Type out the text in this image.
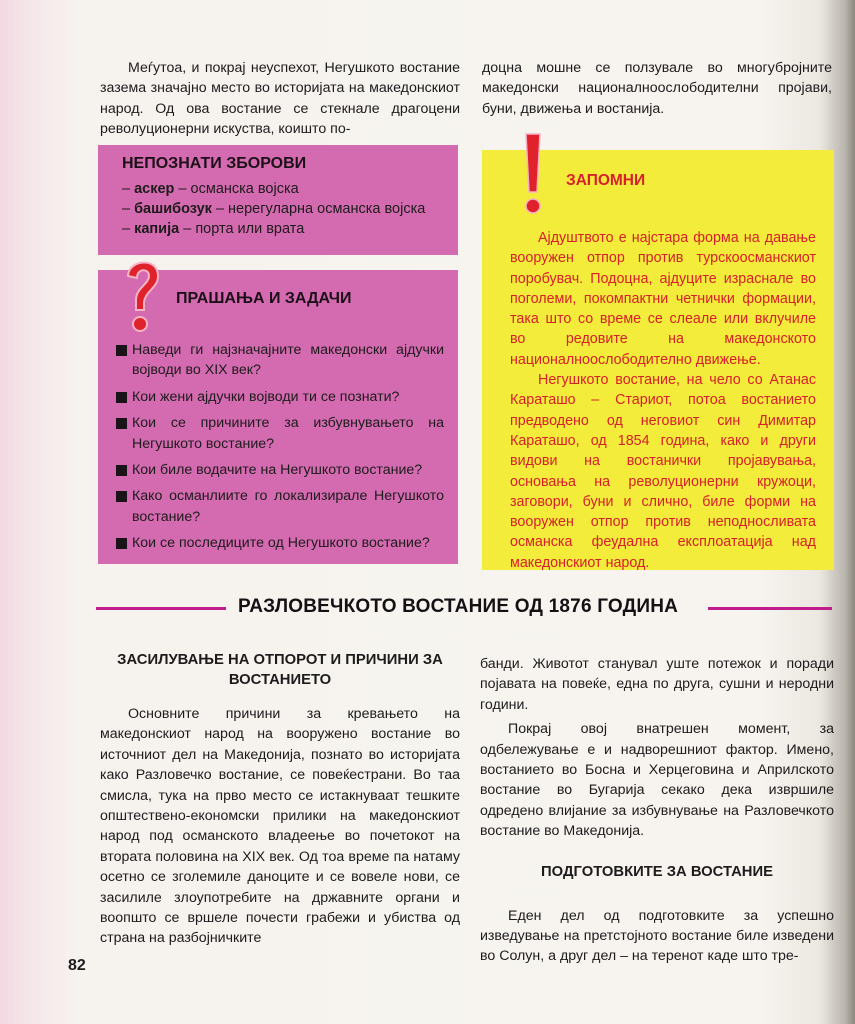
Меѓутоа, и покрај неуспехот, Негушкото востание зазема значајно место во историјата на македонскиот народ. Од ова востание се стекнале драгоцени револуционерни искуства, коишто по-

доцна мошне се ползувале во многубројните македонски националноослободителни пројави, буни, движења и востанија.

НЕПОЗНАТИ ЗБОРОВИ
– аскер – османска војска
– башибозук – нерегуларна османска војска
– капија – порта или врата
ПРАШАЊА И ЗАДАЧИ
Наведи ги најзначајните македонски ајдучки војводи во XIX век?
Кои жени ајдучки војводи ти се познати?
Кои се причините за избувнувањето на Негушкото востание?
Кои биле водачите на Негушкото востание?
Како османлиите го локализирале Негушкото востание?
Кои се последиците од Негушкото востание?
ЗАПОМНИ

Ајдуштвото е најстара форма на давање вооружен отпор против турскоосманскиот поробувач. Подоцна, ајдуците израснале во поголеми, покомпактни четнички формации, така што со време се слеале или вклучиле во редовите на македонското националноослободително движење.

Негушкото востание, на чело со Атанас Караташо – Стариот, потоа востанието предводено од неговиот син Димитар Караташо, од 1854 година, како и други видови на востанички пројавувања, основања на револуционерни кружоци, заговори, буни и слично, биле форми на вооружен отпор против неподносливата османска феудална експлоатација над македонскиот народ.

РАЗЛОВЕЧКОТО ВОСТАНИЕ ОД 1876 ГОДИНА
ЗАСИЛУВАЊЕ НА ОТПОРОТ И ПРИЧИНИ ЗА ВОСТАНИЕТО

Основните причини за кревањето на македонскиот народ на вооружено востание во источниот дел на Македонија, познато во историјата како Разловечко востание, се повеќестрани. Во таа смисла, тука на прво место се истакнуваат тешките општествено-економски прилики на македонскиот народ под османското владеење во почетокот на втората половина на XIX век. Од тоа време па натаму осетно се зголемиле даноците и се вовеле нови, се засилиле злоупотребите на државните органи и воопшто се вршеле почести грабежи и убиства од страна на разбојничките

банди. Животот станувал уште потежок и поради појавата на повеќе, една по друга, сушни и неродни години.

Покрај овој внатрешен момент, за одбележување е и надворешниот фактор. Имено, востанието во Босна и Херцеговина и Априлското востание во Бугарија секако дека извршиле одредено влијание за избувнување на Разловечкото востание во Македонија.

ПОДГОТОВКИТЕ ЗА ВОСТАНИЕ

Еден дел од подготовките за успешно изведување на претстојното востание биле изведени во Солун, а друг дел – на теренот каде што тре-

82
